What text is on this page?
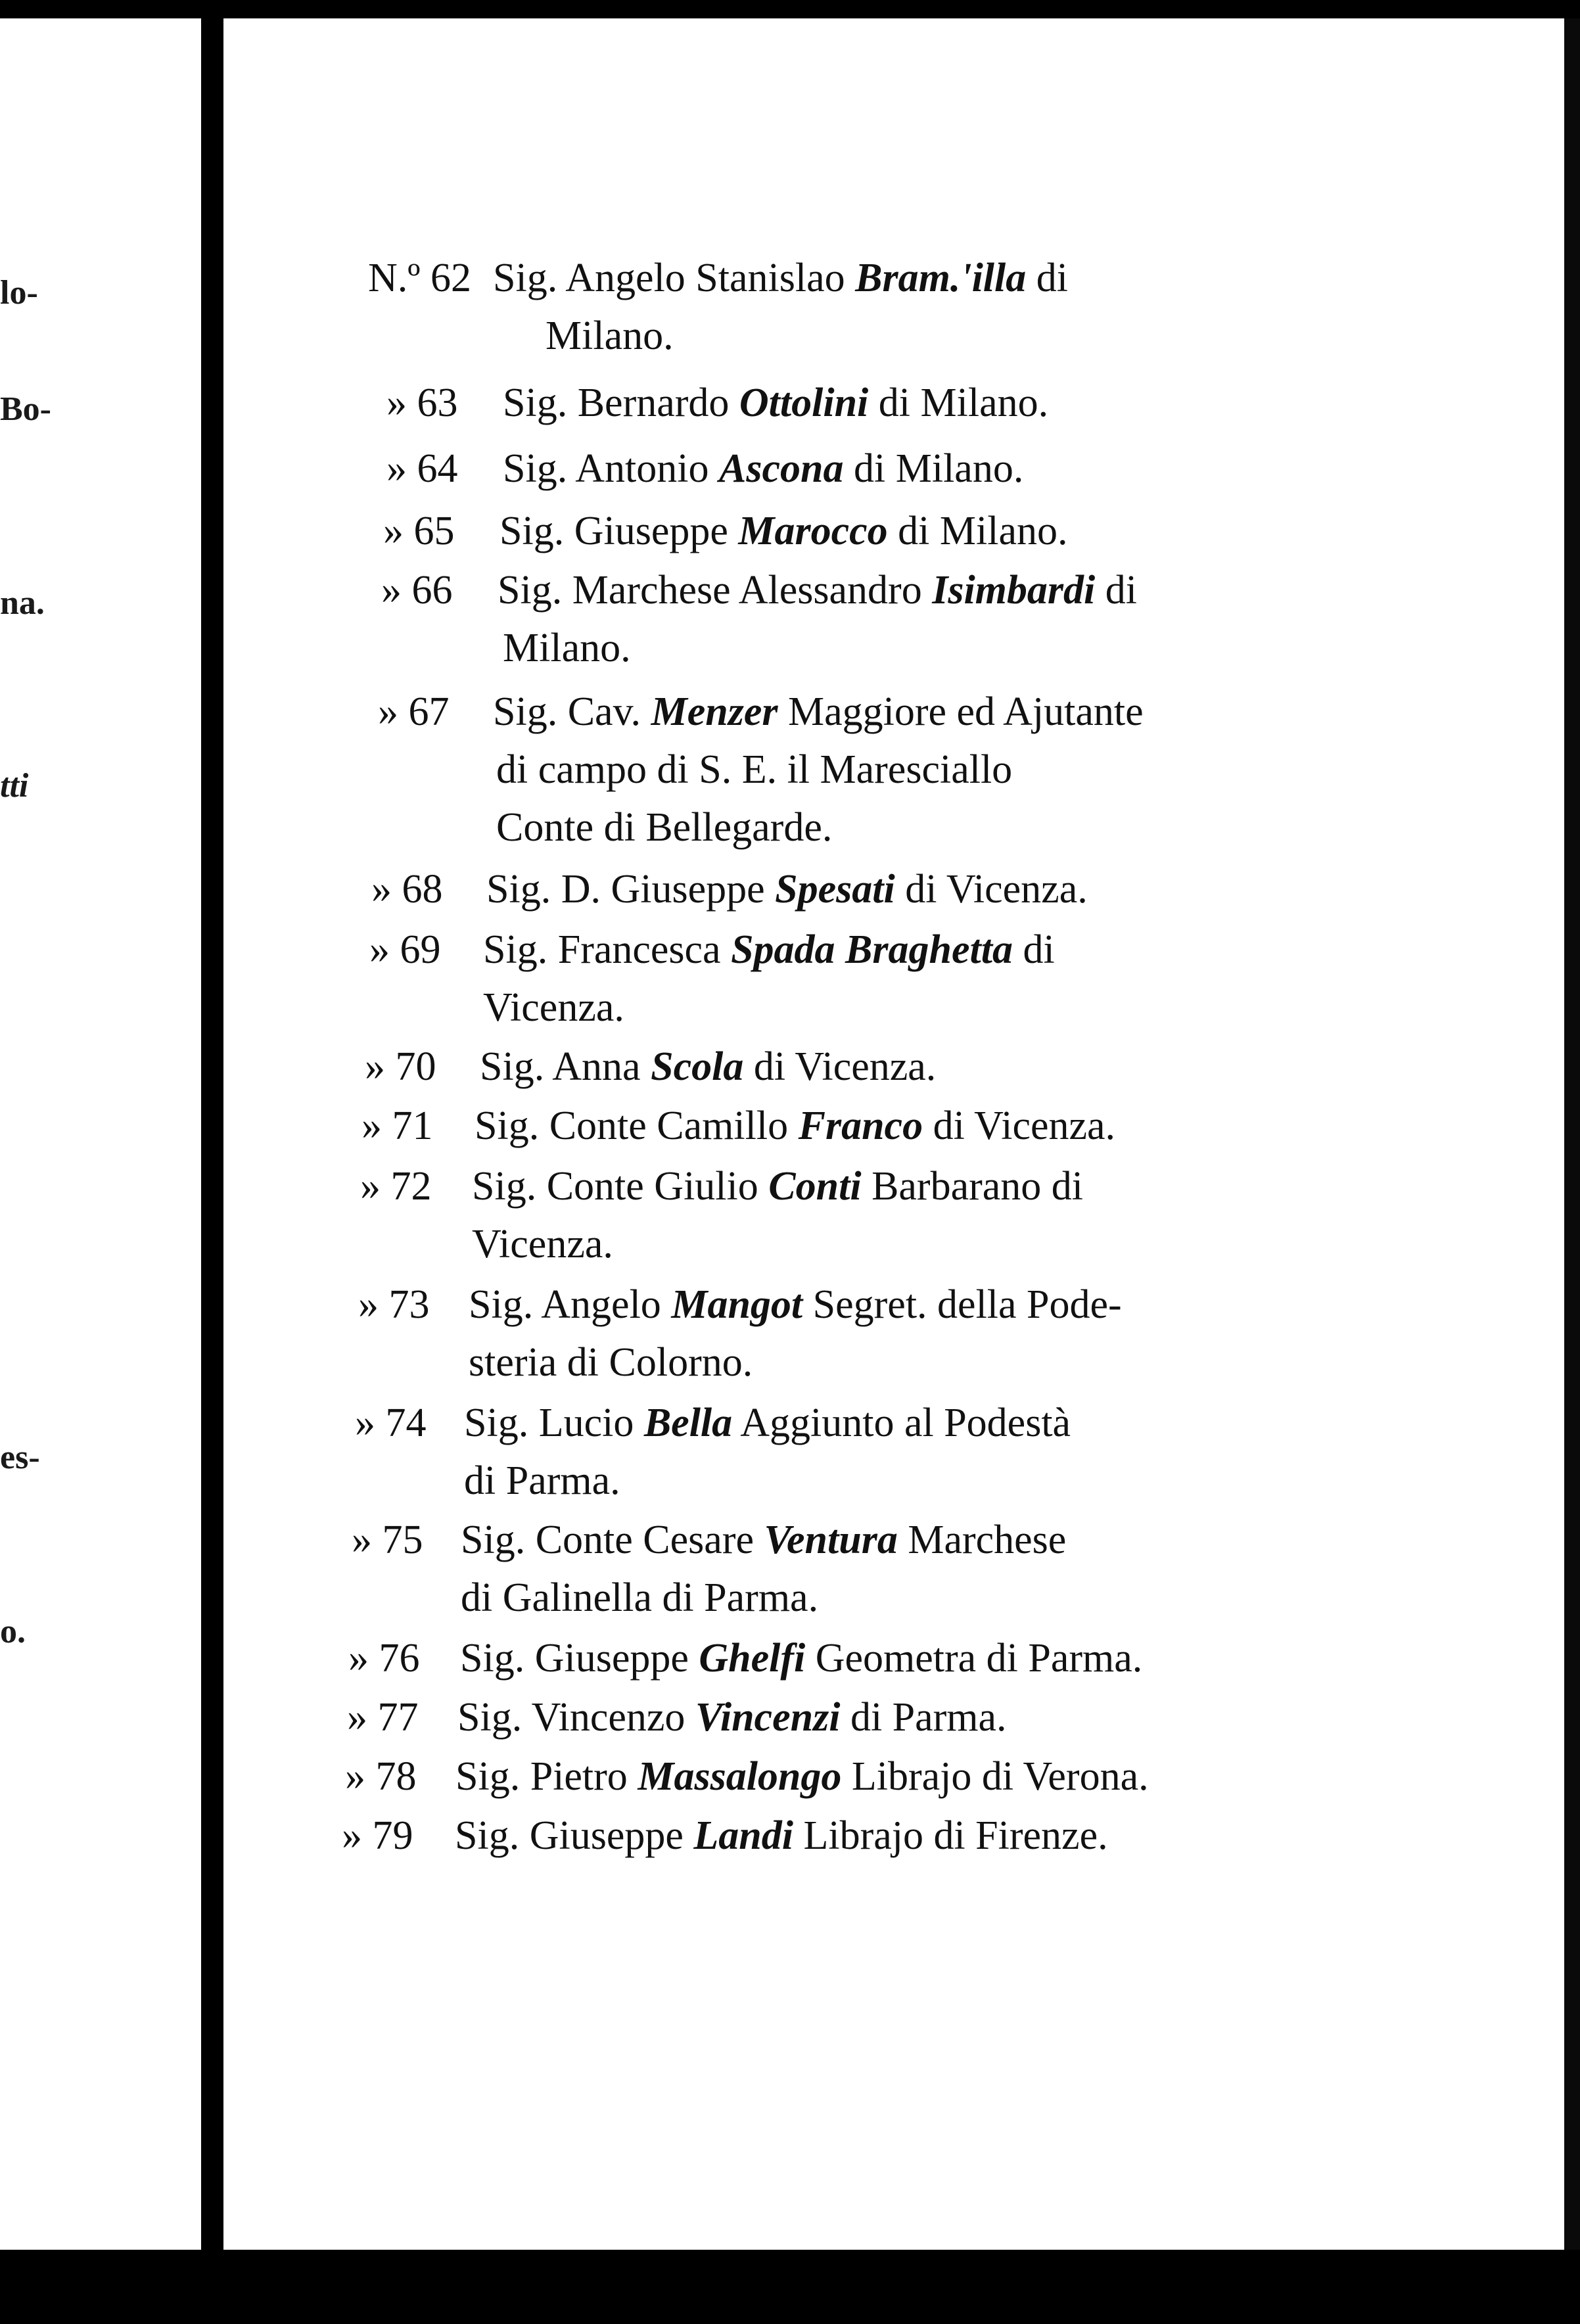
lo-
Bo-
na.
tti
es-
o.
N.º 62 Sig. Angelo Stanislao Bram.'illa di
Milano.
» 63 Sig. Bernardo Ottolini di Milano.
» 64 Sig. Antonio Ascona di Milano.
» 65 Sig. Giuseppe Marocco di Milano.
» 66 Sig. Marchese Alessandro Isimbardi di
Milano.
» 67 Sig. Cav. Menzer Maggiore ed Ajutante
di campo di S. E. il Maresciallo
Conte di Bellegarde.
» 68 Sig. D. Giuseppe Spesati di Vicenza.
» 69 Sig. Francesca Spada Braghetta di
Vicenza.
» 70 Sig. Anna Scola di Vicenza.
» 71 Sig. Conte Camillo Franco di Vicenza.
» 72 Sig. Conte Giulio Conti Barbarano di
Vicenza.
» 73 Sig. Angelo Mangot Segret. della Pode-
steria di Colorno.
» 74 Sig. Lucio Bella Aggiunto al Podestà
di Parma.
» 75 Sig. Conte Cesare Ventura Marchese
di Galinella di Parma.
» 76 Sig. Giuseppe Ghelfi Geometra di Parma.
» 77 Sig. Vincenzo Vincenzi di Parma.
» 78 Sig. Pietro Massalongo Librajo di Verona.
» 79 Sig. Giuseppe Landi Librajo di Firenze.
